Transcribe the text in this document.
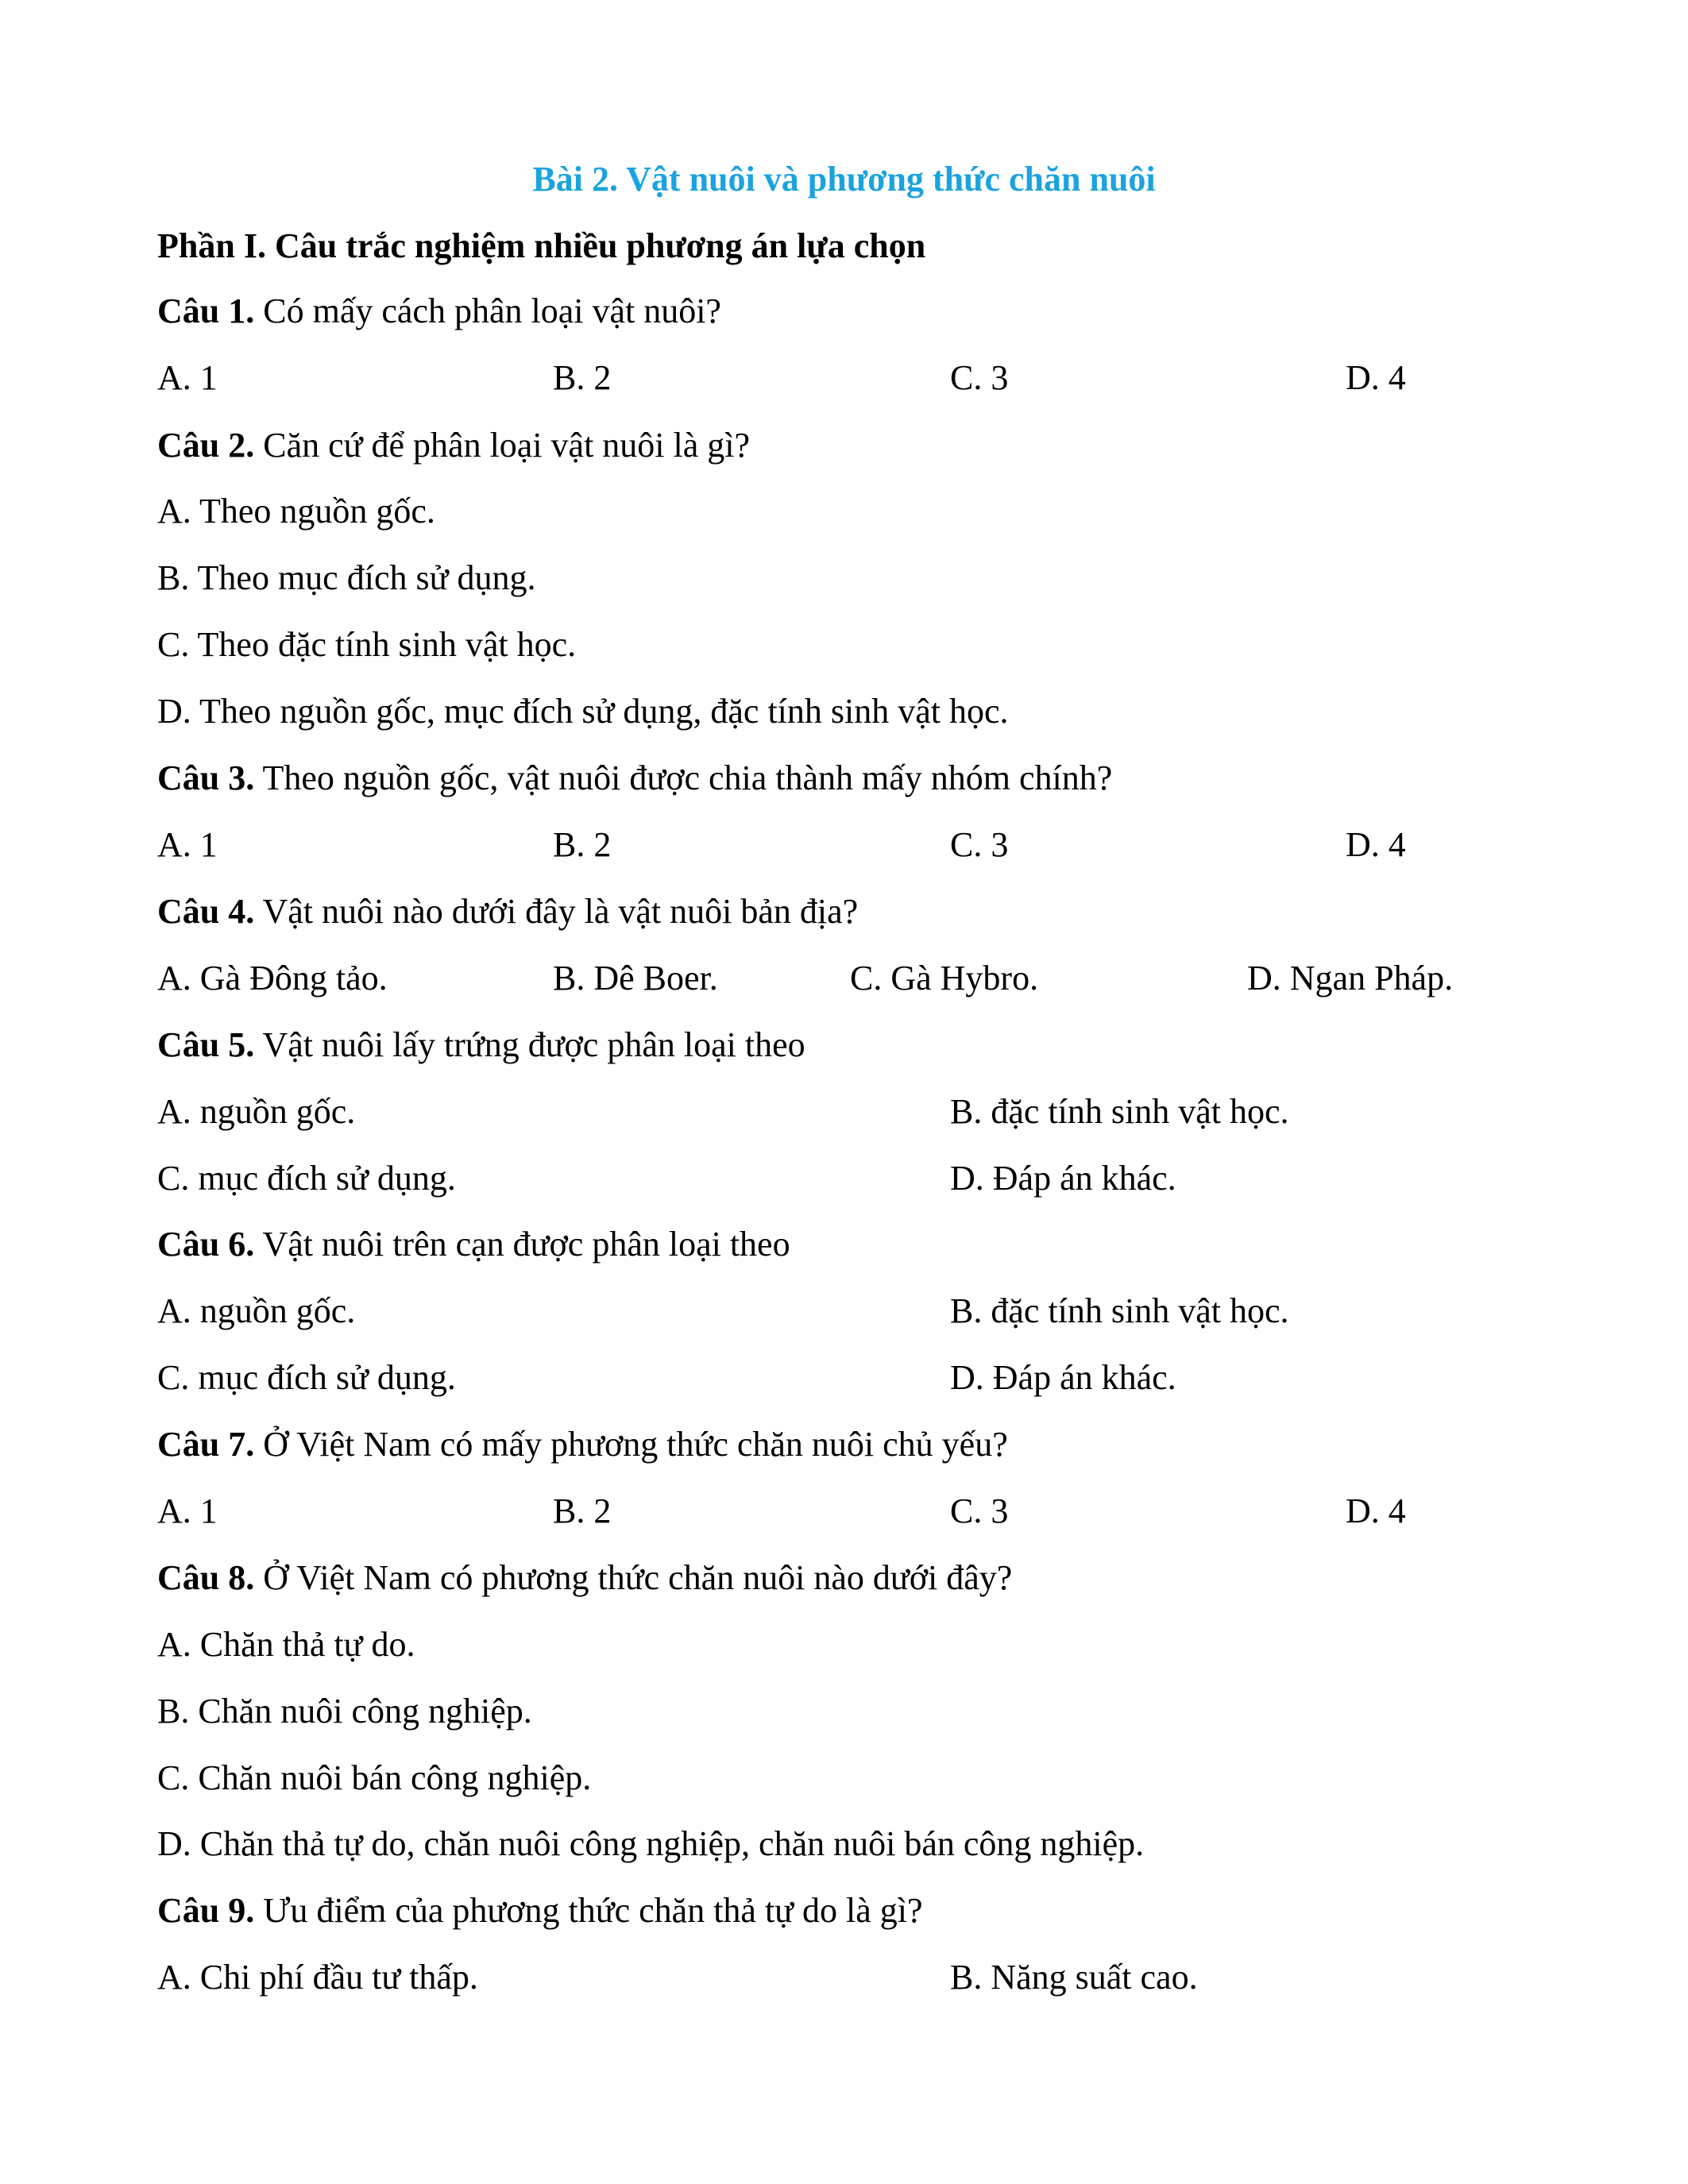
Bài 2. Vật nuôi và phương thức chăn nuôi
Phần I. Câu trắc nghiệm nhiều phương án lựa chọn

Câu 1. Có mấy cách phân loại vật nuôi?

A. 1	B. 2	C. 3	D. 4

Câu 2. Căn cứ để phân loại vật nuôi là gì?

A. Theo nguồn gốc.

B. Theo mục đích sử dụng.

C. Theo đặc tính sinh vật học.

D. Theo nguồn gốc, mục đích sử dụng, đặc tính sinh vật học.

Câu 3. Theo nguồn gốc, vật nuôi được chia thành mấy nhóm chính?

A. 1	B. 2	C. 3	D. 4

Câu 4. Vật nuôi nào dưới đây là vật nuôi bản địa?

A. Gà Đông tảo.	B. Dê Boer.	C. Gà Hybro.	D. Ngan Pháp.

Câu 5. Vật nuôi lấy trứng được phân loại theo

A. nguồn gốc.	B. đặc tính sinh vật học.

C. mục đích sử dụng.	D. Đáp án khác.

Câu 6. Vật nuôi trên cạn được phân loại theo

A. nguồn gốc.	B. đặc tính sinh vật học.

C. mục đích sử dụng.	D. Đáp án khác.

Câu 7. Ở Việt Nam có mấy phương thức chăn nuôi chủ yếu?

A. 1	B. 2	C. 3	D. 4

Câu 8. Ở Việt Nam có phương thức chăn nuôi nào dưới đây?

A. Chăn thả tự do.

B. Chăn nuôi công nghiệp.

C. Chăn nuôi bán công nghiệp.

D. Chăn thả tự do, chăn nuôi công nghiệp, chăn nuôi bán công nghiệp.

Câu 9. Ưu điểm của phương thức chăn thả tự do là gì?

A. Chi phí đầu tư thấp.	B. Năng suất cao.
